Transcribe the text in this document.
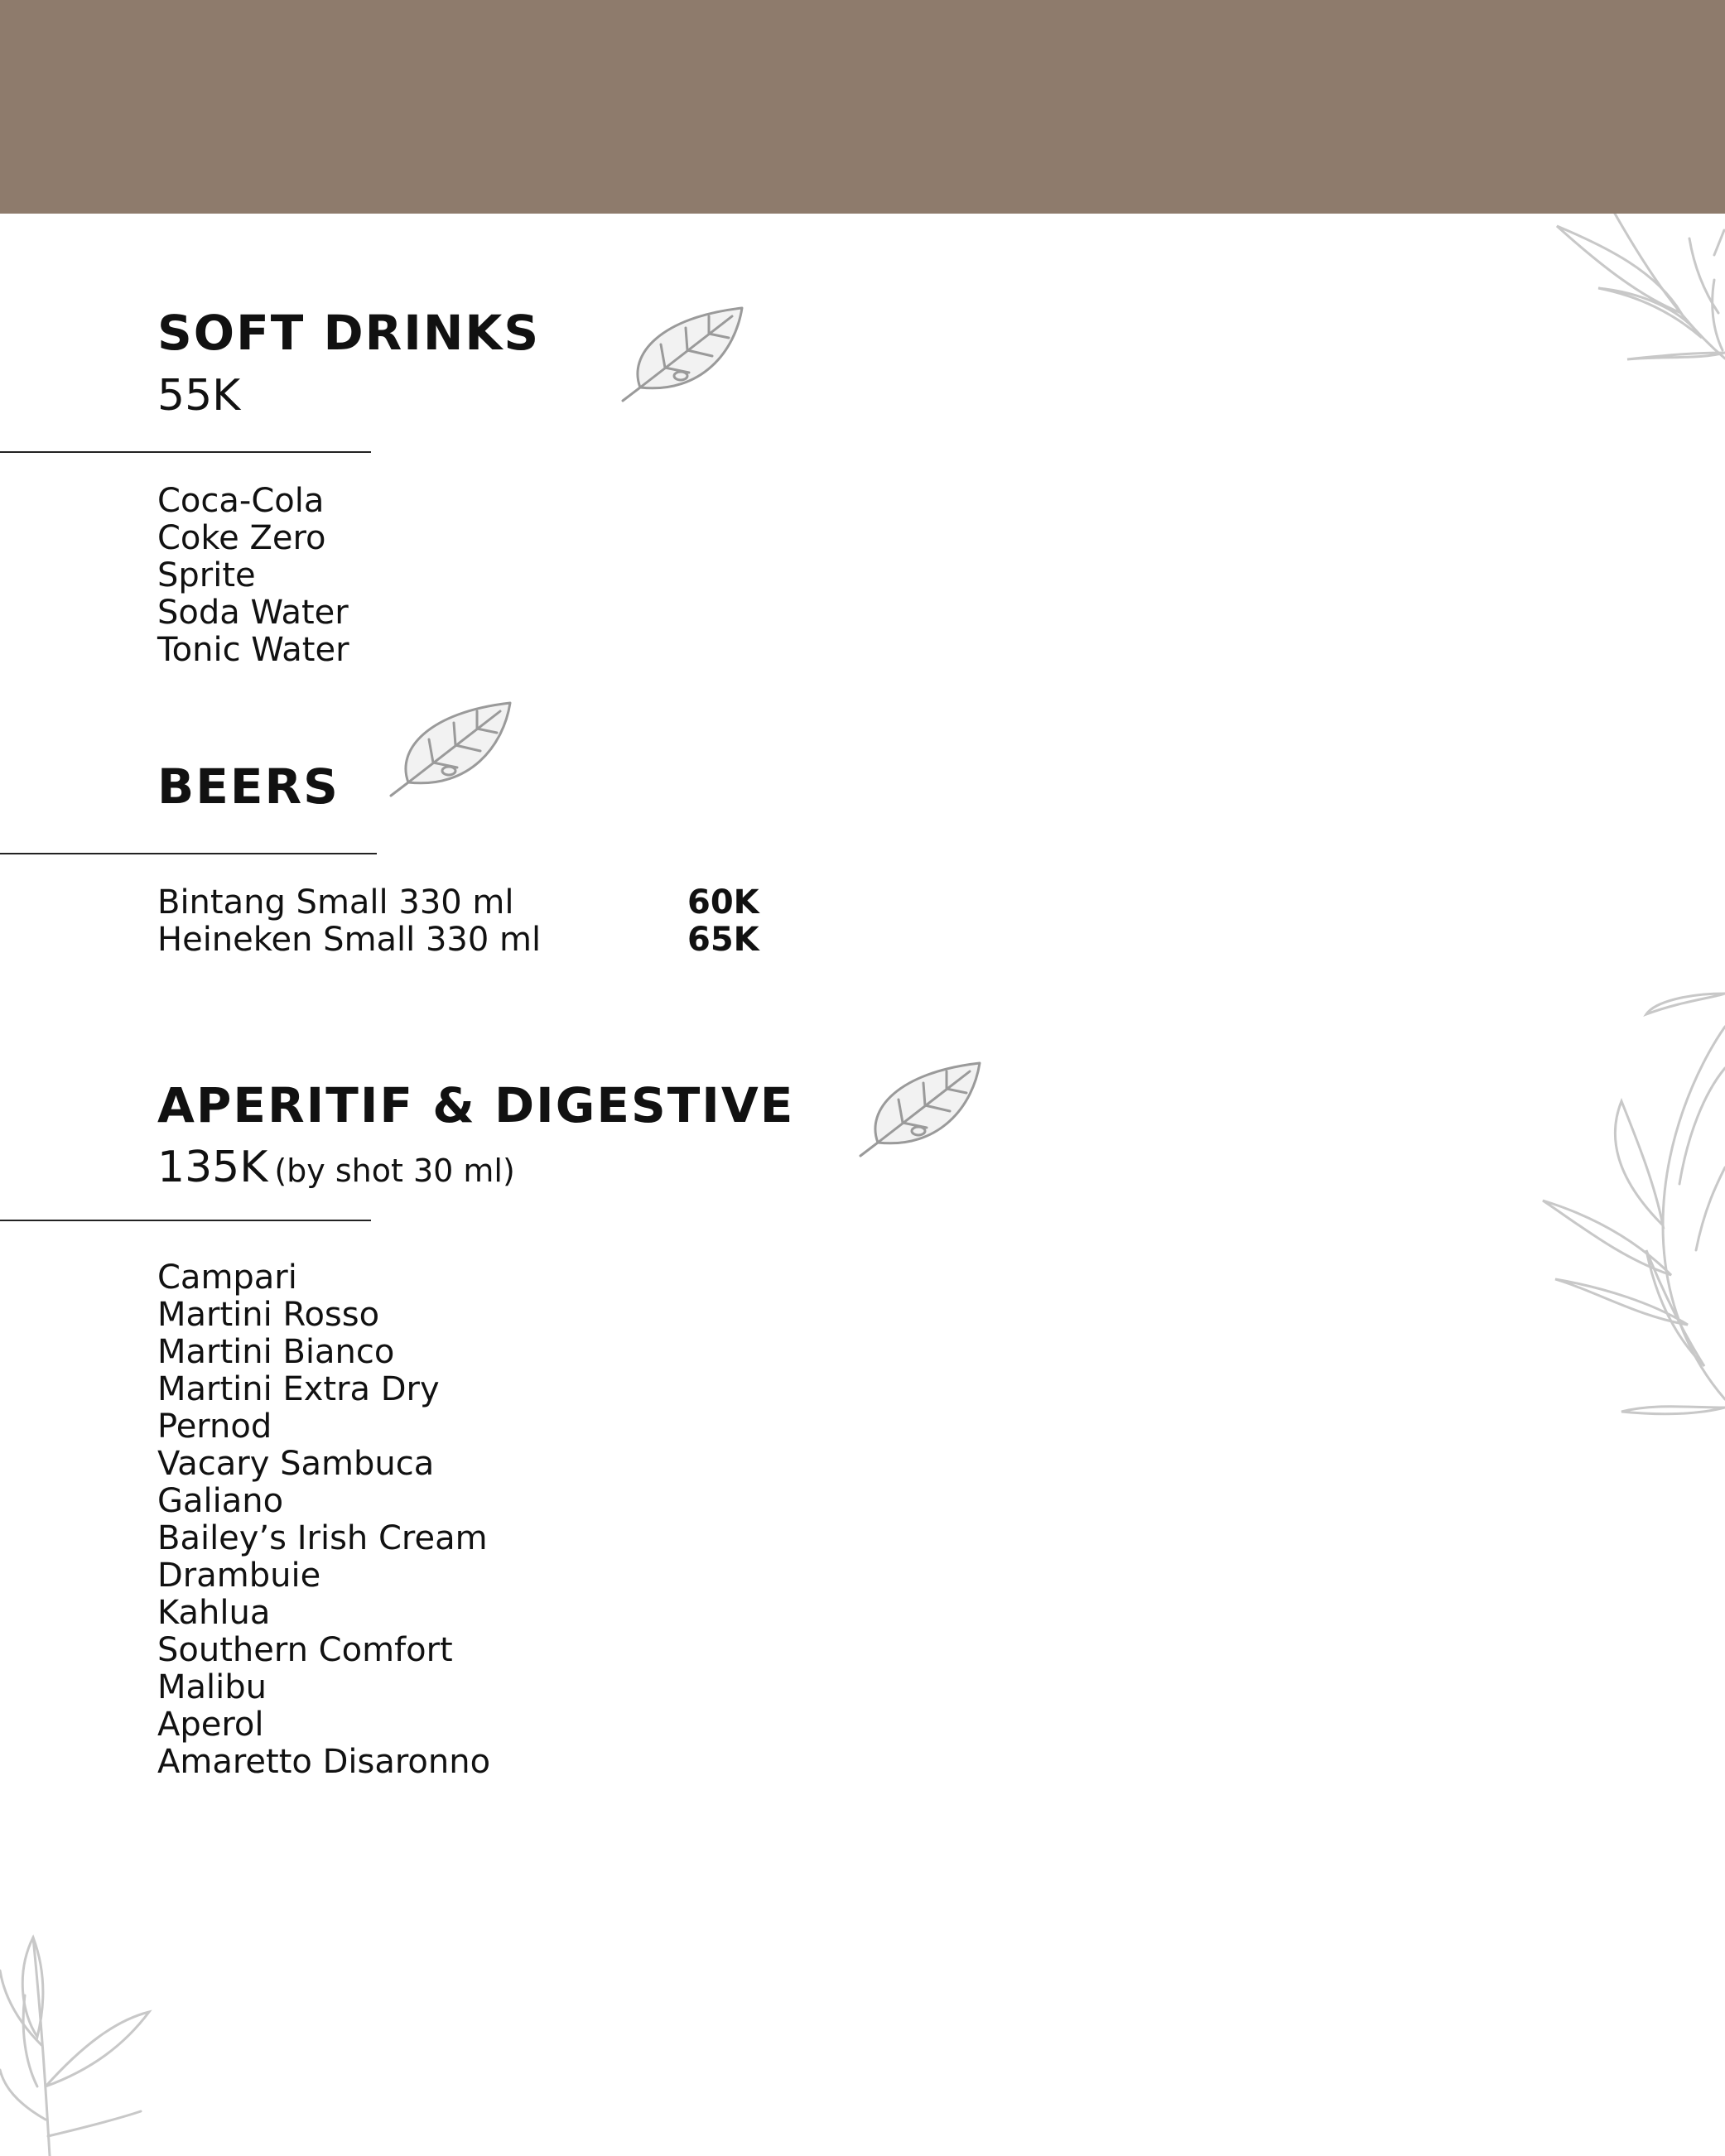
SOFT DRINKS
55K
Coca-Cola
Coke Zero
Sprite
Soda Water
Tonic Water
BEERS
Bintang Small 330 ml	60K
Heineken Small 330 ml	65K
APERITIF & DIGESTIVE
135K (by shot 30 ml)
Campari
Martini Rosso
Martini Bianco
Martini Extra Dry
Pernod
Vacary Sambuca
Galiano
Bailey’s Irish Cream
Drambuie
Kahlua
Southern Comfort
Malibu
Aperol
Amaretto Disaronno
